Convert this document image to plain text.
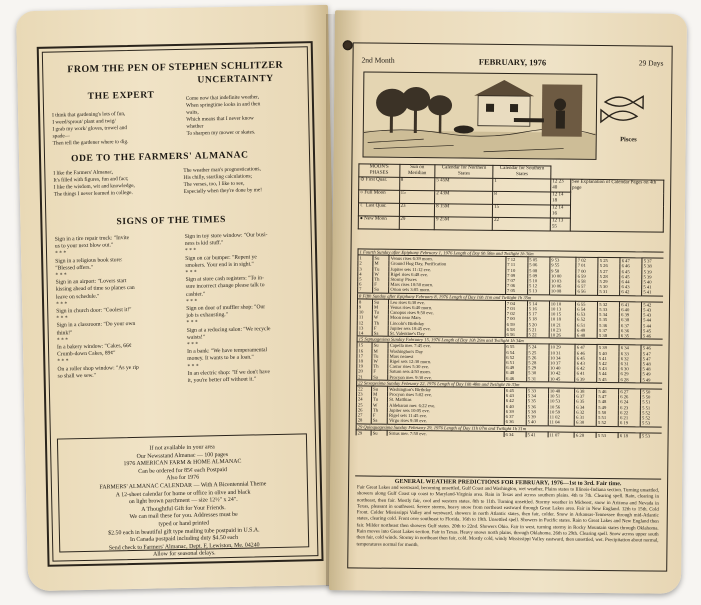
FROM THE PEN OF STEPHEN SCHLITZER
THE EXPERT
I think that gardening's lots of fun,
I weed/sprout/ plant and twig/
I grab my work/ gloves, trowel and
spade—
Then tell the gardener where to dig.
UNCERTAINTY
Come now that indefinite weather,
When springtime looks in and then
waits,
Which means that I never know
whether
To sharpen my mower or skates.
ODE TO THE FARMERS' ALMANAC
I like the Farmers' Almanac,
It's filled with figures, fun and fact;
I like the wisdom, wit and knowledge,
The things I never learned in college.
The weather man's prognostications,
His chilly, startling calculations;
The verses, too, I like to see,
Especially when they're done by me!
SIGNS OF THE TIMES
Sign in a tire repair truck: "Invite
us to your next blow out."
* * *
Sign in a religious book store:
"Blessed offers."
* * *
Sign in an airport: "Lovers start
kissing ahead of time so planes can
leave on schedule."
* * *
Sign in church door: "Coolest it!"
* * *
Sign in a classroom: "Do your own
think!"
* * *
In a bakery window: "Cakes, 66¢
Crumb-down Cakes, 89¢"
* * *
On a roller shop window: "As ye rip
so shall we sew."
Sign in toy store window: "Our busi-
ness is kid stuff."
* * *
Sign on car bumper: "Repent ye
smokers. Your end is in sight."
* * *
Sign at store cash registers: "To in-
sure incorrect change please talk to
cashier."
* * *
Sign on door of muffler shop: "Our
job is exhausting."
* * *
Sign at a reducing salon: "We recycle
waists!"
* * *
In a bank: "We have temperamental
money. It wants to be a loan."
* * *
In an electric shop: "If we don't have
it, you're better off without it."
If not available in your area
Our Newsstand Almanac — 100 pages
1976 AMERICAN FARM & HOME ALMANAC
Can be ordered for 85¢ each Postpaid
Also for 1976
FARMERS' ALMANAC CALENDAR — With A Bicentennial Theme
A 12-sheet calendar for home or office in olive and black
on light brown parchment — size 12½" x 24".
A Thoughtful Gift for Your Friends.
We can mail these for you. Addresses must be
typed or hand printed
$2.50 each in beautiful gift type mailing tube postpaid in U.S.A.
In Canada postpaid including duty $4.50 each
Send check to Farmers' Almanac, Dept. F, Lewiston, Me. 04240
Allow for seasonal delays.
2nd Month	FEBRUARY, 1976	29 Days
Pisces
MOON'S PHASES	Sun on Meridian	Calendar for Northern States	Calendar for Southern States		
⊙ First Quar.	8	5 45M	1	12 23 40	See Explanation of Calendar Pages on 4th page
○ Full Moon	15	2 43M	8	12 14 18	
☾ Last Quar.	23	8 15M	15	12 14 16	
● New Moon	29	9 25M	22	12 13 55	
1 Fourth Sunday after Epiphany February 1, 1976 Length of Day 9h 58m and Twilight 1h 36m									
1	Su	Venus rises 6:39 morn.	7 12	5 05	9 53	7 02	5 25	6 47	5 37
2	M	Ground Hog Day, Purification	7 11	5 06	9 55	7 01	5 26	6 46	5 38
3	Tu	Jupiter sets 11:12 eve.	7 10	5 08	9 58	7 00	5 27	6 45	5 39
4	W	Rigel rises 6:48 eve.	7 09	5 09	10 00	6 59	5 28	6 45	5 39
5	Th	Stormy Pisces	7 07	5 10	10 03	6 58	5 29	6 44	5 40
6	F	Mars rises 10:50 morn.	7 06	5 12	10 06	6 57	5 30	6 43	5 41
7	Sa	Orion sets 3:05 morn.	7 05	5 13	10 08	6 56	5 31	6 42	5 41
8 Fifth Sunday after Epiphany February 8, 1976 Length of Day 10h 11m and Twilight 1h 35m									
8	Su	Leo rises 6:30 eve.	7 04	5 14	10 10	6 55	5 32	6 41	5 42
9	M	Venus rises 6:40 morn.	7 03	5 16	10 13	6 54	5 33	6 40	5 43
10	Tu	Canopus rises 9:50 eve.	7 02	5 17	10 15	6 53	5 34	6 39	5 43
11	W	Moon near Mars	7 00	5 18	10 18	6 52	5 35	6 38	5 44
12	Th	Lincoln's Birthday	6 59	5 20	10 21	6 51	5 36	6 37	5 44
13	F	Jupiter sets 10:45 eve.	6 58	5 21	10 23	6 49	5 37	6 36	5 45
14	Sa	St. Valentine's Day	6 56	5 22	10 26	6 48	5 38	6 35	5 46
15 Septuagesima Sunday February 15, 1976 Length of Day 10h 29m and Twilight 1h 34m									
15	Su	Capella mer. 7:45 eve.	6 55	5 24	10 29	6 47	5 39	6 34	5 46
16	M	Washington's Day	6 54	5 25	10 31	6 46	5 40	6 33	5 47
17	Tu	Mars nearest	6 52	5 26	10 34	6 45	5 41	6 32	5 47
18	W	Rigel sets 12:30 morn.	6 51	5 28	10 37	6 43	5 42	6 31	5 48
19	Th	Castor rises 5:30 eve.	6 49	5 29	10 40	6 42	5 43	6 30	5 48
20	F	Saturn sets 4:50 morn.	6 48	5 30	10 42	6 41	5 44	6 29	5 49
21	Sa	Procyon mer. 9:30 eve.	6 46	5 31	10 45	6 39	5 45	6 28	5 49
22 Sexagesima Sunday February 22, 1976 Length of Day 10h 48m and Twilight 1h 33m									
22	Su	Washington's Birthday	6 45	5 33	10 48	6 38	5 46	6 27	5 50
23	M	Procyon rises 5:02 eve.	6 43	5 34	10 51	6 37	5 47	6 26	5 50
24	Tu	St. Matthias	6 42	5 35	10 53	6 35	5 48	6 24	5 51
25	W	Aldebaran mer. 6:22 eve.	6 40	5 36	10 56	6 34	5 49	6 23	5 51
26	Th	Jupiter sets 10:05 eve.	6 39	5 38	10 59	6 32	5 50	6 22	5 52
27	F	Rigel sets 11:45 eve.	6 37	5 39	11 02	6 31	5 51	6 21	5 52
28	Sa	Virgo rises 9:30 eve.	6 36	5 40	11 04	6 30	5 52	6 19	5 53
29 Quinquagesima Sunday February 29, 1976 Length of Day 11h 07m and Twilight 1h 31m									
29	Su	Sirius mer. 7:50 eve.	6 34	5 41	11 07	6 28	5 53	6 18	5 53
GENERAL WEATHER PREDICTIONS FOR FEBRUARY, 1976—1st to 3rd. Fair time.
Fair Great Lakes and westward, becoming unsettled, Gulf Coast and Washington, wet weather, Plains states to Illinois-Indiana section. Turning unsettled, showers along Gulf Coast up coast to Maryland-Virginia area. Rain in Texas and across southern plains. 4th to 7th. Clearing spell. Rain, clearing in northeast, then fair. Mostly fair, cool and western states. 8th to 11th. Turning unsettled. Stormy weather in Midwest, snow in Arizona and Nevada in Texas, pleasant in southwest. Severe storms, heavy snow from northeast eastward through Great Lakes area. Fair in New England. 12th to 15th. Cold Front. Colder Mississippi Valley and westward, showers in north Atlantic states, then fair, colder. Snow in Arkansas-Tennessee through mid-Atlantic states, clearing cold. Front over southeast to Florida. 16th to 19th. Unsettled spell. Showers in Pacific states. Rain to Great Lakes and New England then fair. Milder northeast then showers Gulf states. 20th to 22nd. Showers Ohio. Fair in west, turning stormy in Rocky Mountain states through Oklahoma. Rain moves into Great Lakes section. Fair in Texas. Heavy snows north plains, through Oklahoma. 26th to 29th. Clearing spell. Snow across upper south then fair, cold winds. Stormy in northeast then fair, cold. Mostly cold, windy Mississippi Valley eastward, then unsettled, wet. Precipitation about normal, temperatures normal for month.
